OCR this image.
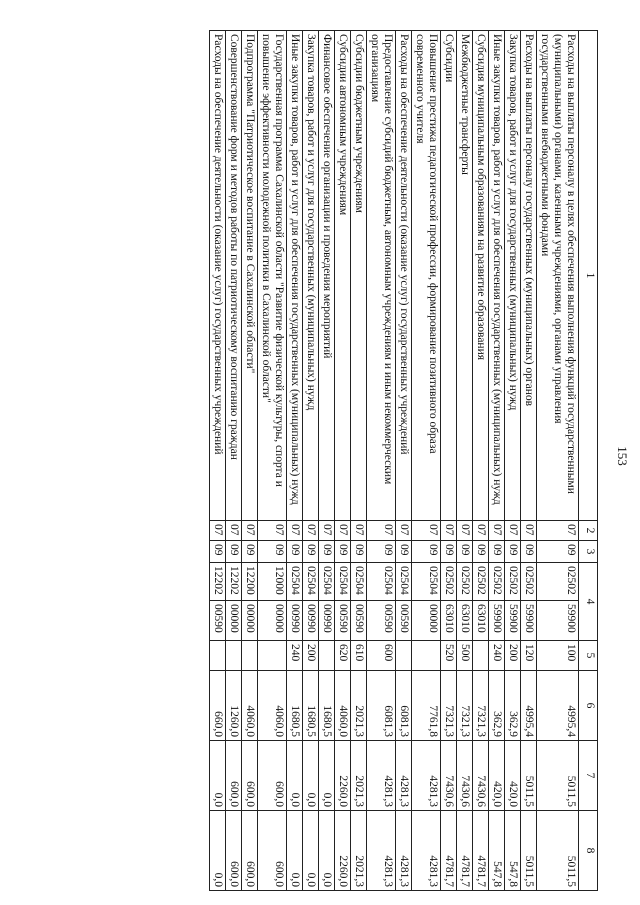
153
1	2	3	4		5	6	7	8
Расходы на выплаты персоналу в целях обеспечения выполнения функций государственными (муниципальными) органами, казенными учреждениями, органами управления государственными внебюджетными фондами	07	09	02502	59900	100	4995,4	5011,5	5011,5
Расходы на выплаты персоналу государственных (муниципальных) органов	07	09	02502	59900	120	4995,4	5011,5	5011,5
Закупка товаров, работ и услуг для государственных (муниципальных) нужд	07	09	02502	59900	200	362,9	420,0	547,8
Иные закупки товаров, работ и услуг для обеспечения государственных (муниципальных) нужд	07	09	02502	59900	240	362,9	420,0	547,8
Субсидия муниципальным образованиям на развитие образования	07	09	02502	63010		7321,3	7430,6	4781,7
Межбюджетные трансферты	07	09	02502	63010	500	7321,3	7430,6	4781,7
Субсидии	07	09	02502	63010	520	7321,3	7430,6	4781,7
Повышение престижа педагогической профессии, формирование позитивного образа современного учителя	07	09	02504	00000		7761,8	4281,3	4281,3
Расходы на обеспечение деятельности (оказание услуг) государственных учреждений	07	09	02504	00590		6081,3	4281,3	4281,3
Предоставление субсидий бюджетным, автономным учреждениям и иным некоммерческим организациям	07	09	02504	00590	600	6081,3	4281,3	4281,3
Субсидии бюджетным учреждениям	07	09	02504	00590	610	2021,3	2021,3	2021,3
Субсидии автономным учреждениям	07	09	02504	00590	620	4060,0	2260,0	2260,0
Финансовое обеспечение организации и проведения мероприятий	07	09	02504	00990		1680,5	0,0	0,0
Закупка товаров, работ и услуг для государственных (муниципальных) нужд	07	09	02504	00990	200	1680,5	0,0	0,0
Иные закупки товаров, работ и услуг для обеспечения государственных (муниципальных) нужд	07	09	02504	00990	240	1680,5	0,0	0,0
Государственная программа Сахалинской области "Развитие физической культуры, спорта и повышение эффективности молодежной политики в Сахалинской области"	07	09	12000	00000		4060,0	600,0	600,0
Подпрограмма "Патриотическое воспитание в Сахалинской области"	07	09	12200	00000		4060,0	600,0	600,0
Совершенствование форм и методов работы по патриотическому воспитанию граждан	07	09	12202	00000		1260,0	600,0	600,0
Расходы на обеспечение деятельности (оказание услуг) государственных учреждений	07	09	12202	00590		660,0	0,0	0,0
